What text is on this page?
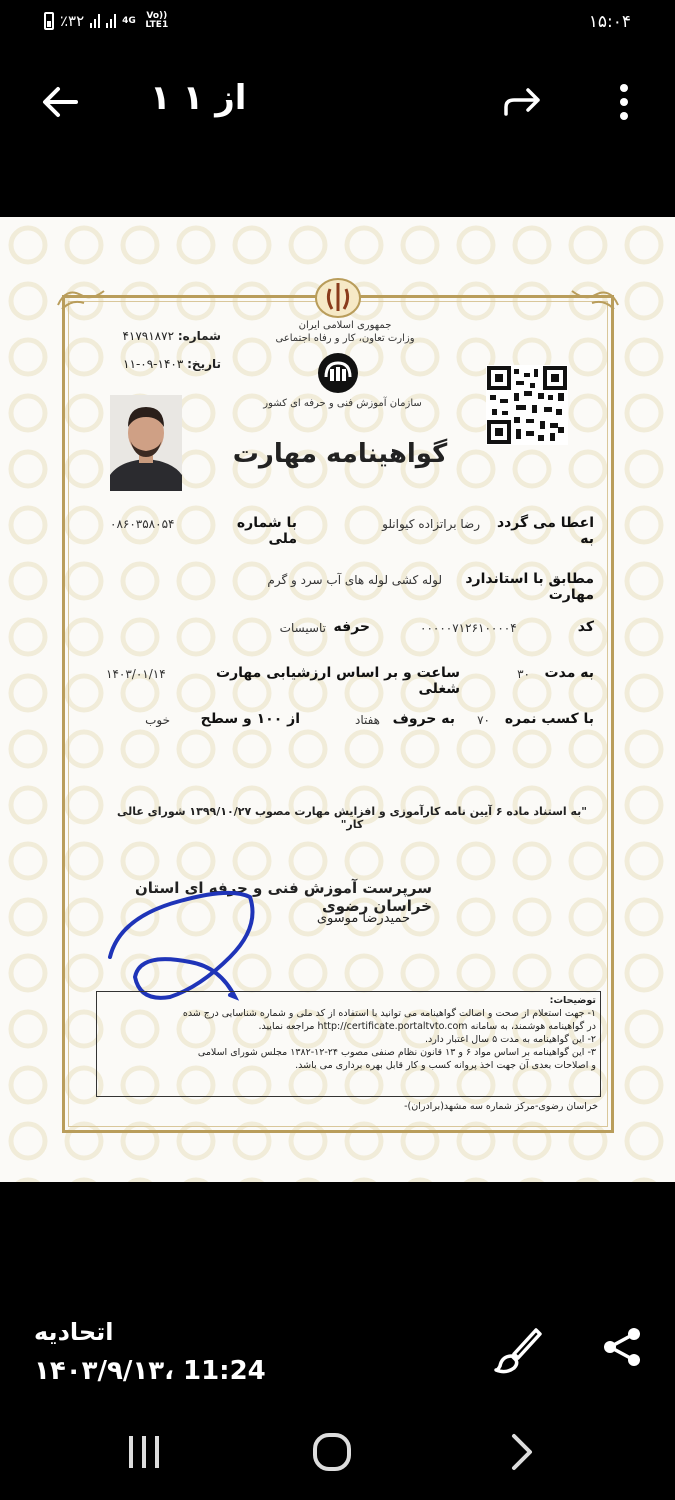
٪۳۲	4G	Vo)) LTE1	۱۵:۰۴
۱ از ۱
جمهوری اسلامی ایران
وزارت تعاون، کار و رفاه اجتماعی
سازمان آموزش فنی و حرفه ای کشور
شماره: ۴۱۷۹۱۸۷۲
تاریخ: ۱۴۰۳-۰۹-۱۱
گواهینامه مهارت
اعطا می گردد به
رضا براتزاده کیوانلو
با شماره ملی
۰۸۶۰۳۵۸۰۵۴
مطابق با استاندارد مهارت
لوله کشی لوله های آب سرد و گرم
کد
۰۰۰۰۰۷۱۲۶۱۰۰۰۰۴
حرفه
تاسیسات
به مدت
۳۰
ساعت و بر اساس ارزشیابی مهارت شغلی
۱۴۰۳/۰۱/۱۴
با کسب نمره
۷۰
به حروف
هفتاد
از ۱۰۰ و سطح
خوب
"به استناد ماده ۶ آیین نامه کارآموزی و افزایش مهارت مصوب ۱۳۹۹/۱۰/۲۷ شورای عالی کار"
سرپرست آموزش فنی و حرفه ای استان خراسان رضوی
حمیدرضا موسوی
توضیحات:
۱- جهت استعلام از صحت و اصالت گواهینامه می توانید با استفاده از کد ملی و شماره شناسایی درج شده
در گواهینامه هوشمند، به سامانه http://certificate.portaltvto.com مراجعه نمایید.
۲- این گواهینامه به مدت ۵ سال اعتبار دارد.
۳- این گواهینامه بر اساس مواد ۶ و ۱۳ قانون نظام صنفی مصوب ۲۴-۱۲-۱۳۸۲ مجلس شورای اسلامی
و اصلاحات بعدی آن جهت اخذ پروانه کسب و کار قابل بهره برداری می باشد.
خراسان رضوی-مرکز شماره سه مشهد(برادران)-
اتحادیه
۱۴۰۳/۹/۱۳، 11:24
